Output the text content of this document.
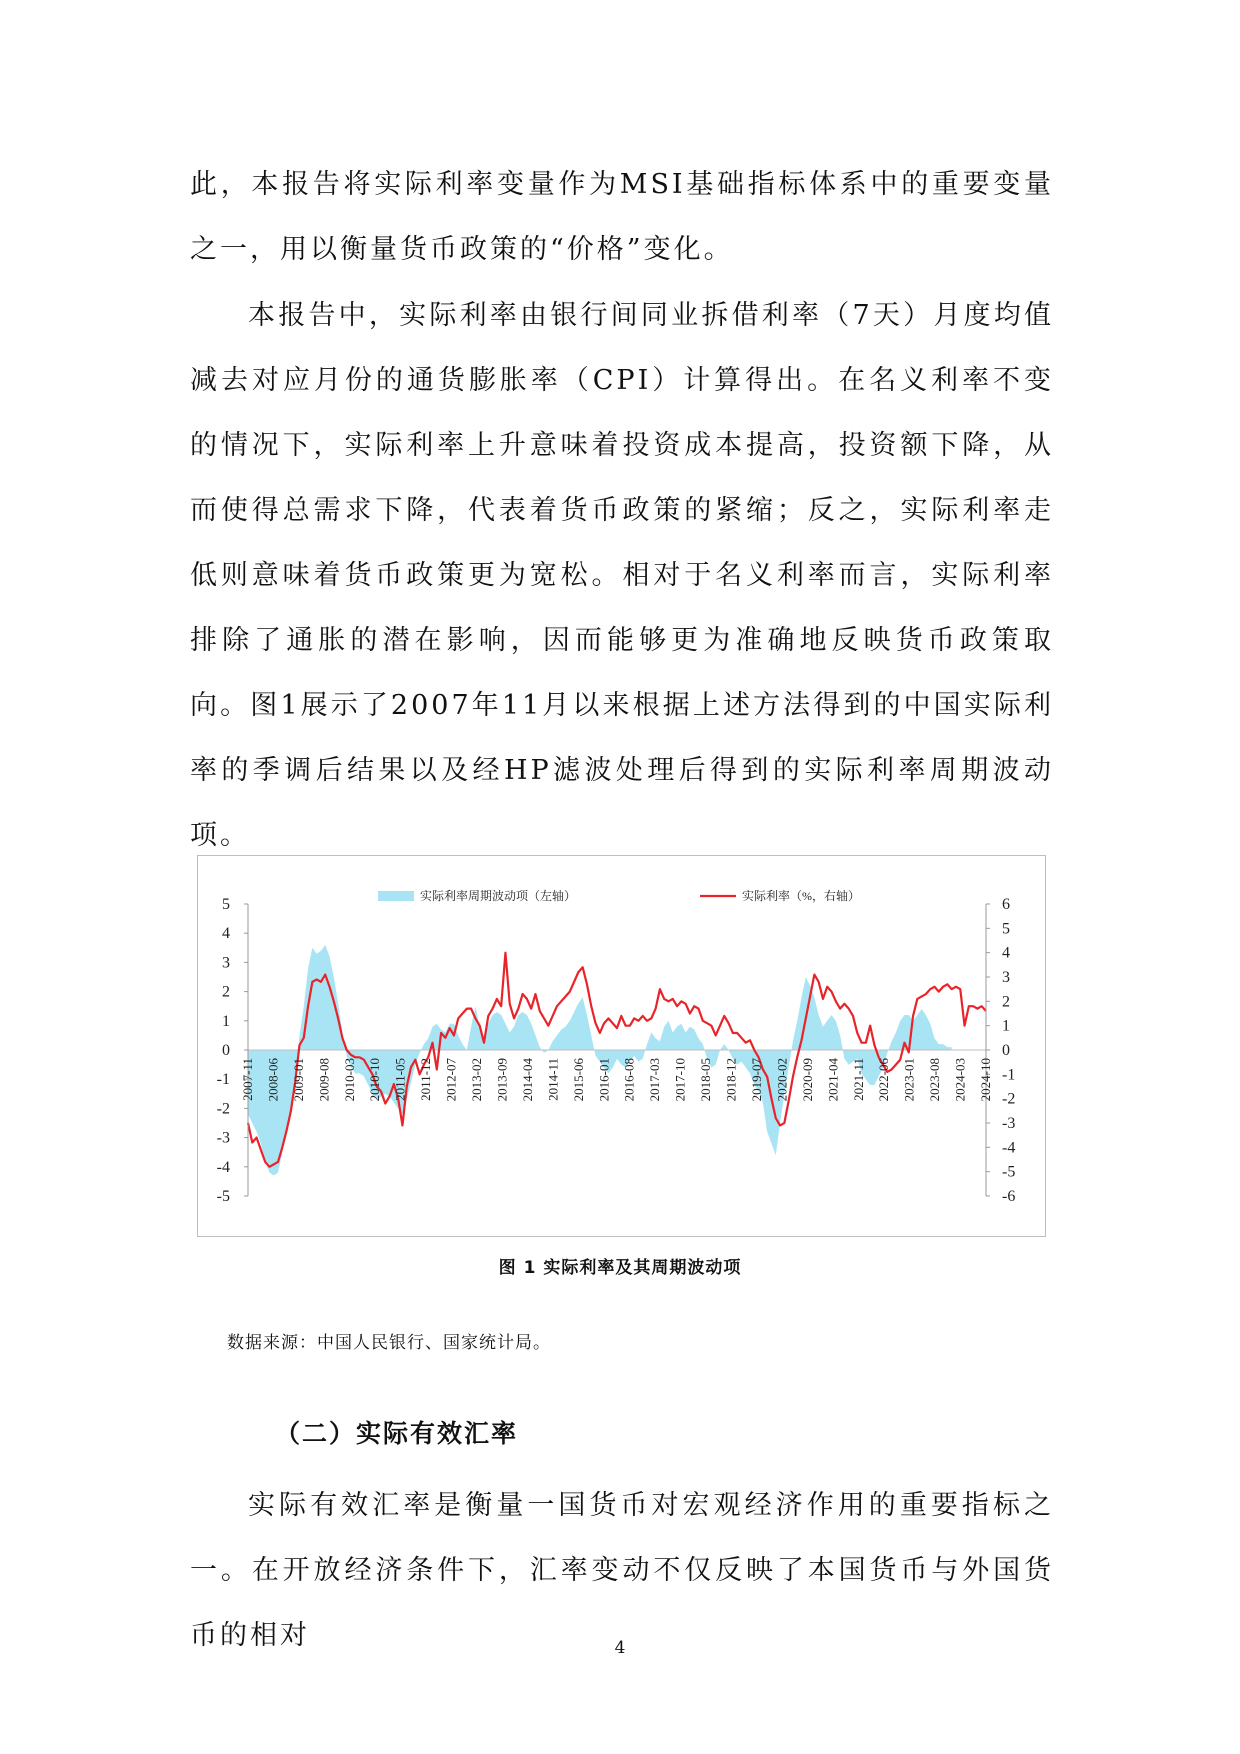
此，本报告将实际利率变量作为MSI基础指标体系中的重要变量之一，用以衡量货币政策的“价格”变化。

本报告中，实际利率由银行间同业拆借利率（7天）月度均值减去对应月份的通货膨胀率（CPI）计算得出。在名义利率不变的情况下，实际利率上升意味着投资成本提高，投资额下降，从而使得总需求下降，代表着货币政策的紧缩；反之，实际利率走低则意味着货币政策更为宽松。相对于名义利率而言，实际利率排除了通胀的潜在影响，因而能够更为准确地反映货币政策取向。图1展示了2007年11月以来根据上述方法得到的中国实际利率的季调后结果以及经HP滤波处理后得到的实际利率周期波动项。

5
4
3
2
1
0
-1
-2
-3
-4
-5
6
5
4
3
2
1
0
-1
-2
-3
-4
-5
-6
2007-11 2008-06 2009-01 2009-08 2010-03 2010-10 2011-05 2011-12 2012-07 2013-02 2013-09 2014-04 2014-11 2015-06 2016-01 2016-08 2017-03 2017-10 2018-05 2018-12 2019-07 2020-02 2020-09 2021-04 2021-11 2022-06 2023-01 2023-08 2024-03 2024-10
实际利率周期波动项（左轴）	实际利率（%，右轴）
图 1 实际利率及其周期波动项
数据来源：中国人民银行、国家统计局。
（二）实际有效汇率

实际有效汇率是衡量一国货币对宏观经济作用的重要指标之一。在开放经济条件下，汇率变动不仅反映了本国货币与外国货币的相对	4
